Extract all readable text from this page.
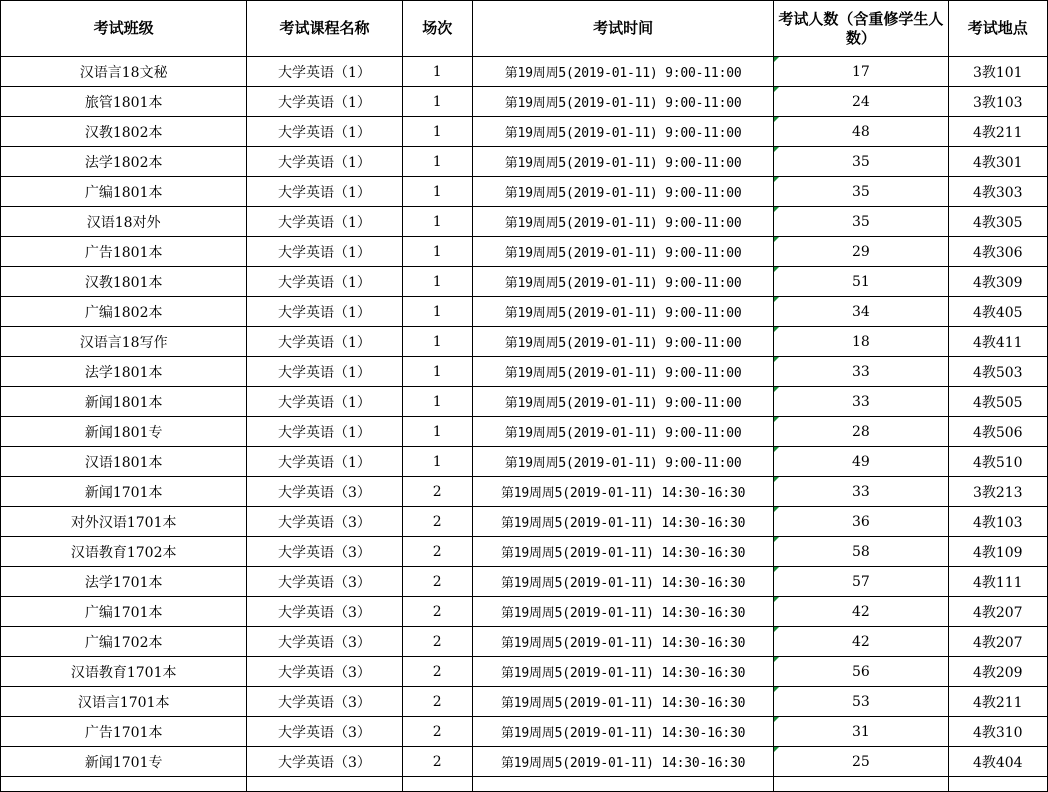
考试班级	考试课程名称	场次	考试时间	考试人数（含重修学生人数）	考试地点
汉语言18文秘	大学英语（1）	1	第19周周5(2019-01-11) 9:00-11:00	17	3教101
旅管1801本	大学英语（1）	1	第19周周5(2019-01-11) 9:00-11:00	24	3教103
汉教1802本	大学英语（1）	1	第19周周5(2019-01-11) 9:00-11:00	48	4教211
法学1802本	大学英语（1）	1	第19周周5(2019-01-11) 9:00-11:00	35	4教301
广编1801本	大学英语（1）	1	第19周周5(2019-01-11) 9:00-11:00	35	4教303
汉语18对外	大学英语（1）	1	第19周周5(2019-01-11) 9:00-11:00	35	4教305
广告1801本	大学英语（1）	1	第19周周5(2019-01-11) 9:00-11:00	29	4教306
汉教1801本	大学英语（1）	1	第19周周5(2019-01-11) 9:00-11:00	51	4教309
广编1802本	大学英语（1）	1	第19周周5(2019-01-11) 9:00-11:00	34	4教405
汉语言18写作	大学英语（1）	1	第19周周5(2019-01-11) 9:00-11:00	18	4教411
法学1801本	大学英语（1）	1	第19周周5(2019-01-11) 9:00-11:00	33	4教503
新闻1801本	大学英语（1）	1	第19周周5(2019-01-11) 9:00-11:00	33	4教505
新闻1801专	大学英语（1）	1	第19周周5(2019-01-11) 9:00-11:00	28	4教506
汉语1801本	大学英语（1）	1	第19周周5(2019-01-11) 9:00-11:00	49	4教510
新闻1701本	大学英语（3）	2	第19周周5(2019-01-11) 14:30-16:30	33	3教213
对外汉语1701本	大学英语（3）	2	第19周周5(2019-01-11) 14:30-16:30	36	4教103
汉语教育1702本	大学英语（3）	2	第19周周5(2019-01-11) 14:30-16:30	58	4教109
法学1701本	大学英语（3）	2	第19周周5(2019-01-11) 14:30-16:30	57	4教111
广编1701本	大学英语（3）	2	第19周周5(2019-01-11) 14:30-16:30	42	4教207
广编1702本	大学英语（3）	2	第19周周5(2019-01-11) 14:30-16:30	42	4教207
汉语教育1701本	大学英语（3）	2	第19周周5(2019-01-11) 14:30-16:30	56	4教209
汉语言1701本	大学英语（3）	2	第19周周5(2019-01-11) 14:30-16:30	53	4教211
广告1701本	大学英语（3）	2	第19周周5(2019-01-11) 14:30-16:30	31	4教310
新闻1701专	大学英语（3）	2	第19周周5(2019-01-11) 14:30-16:30	25	4教404
